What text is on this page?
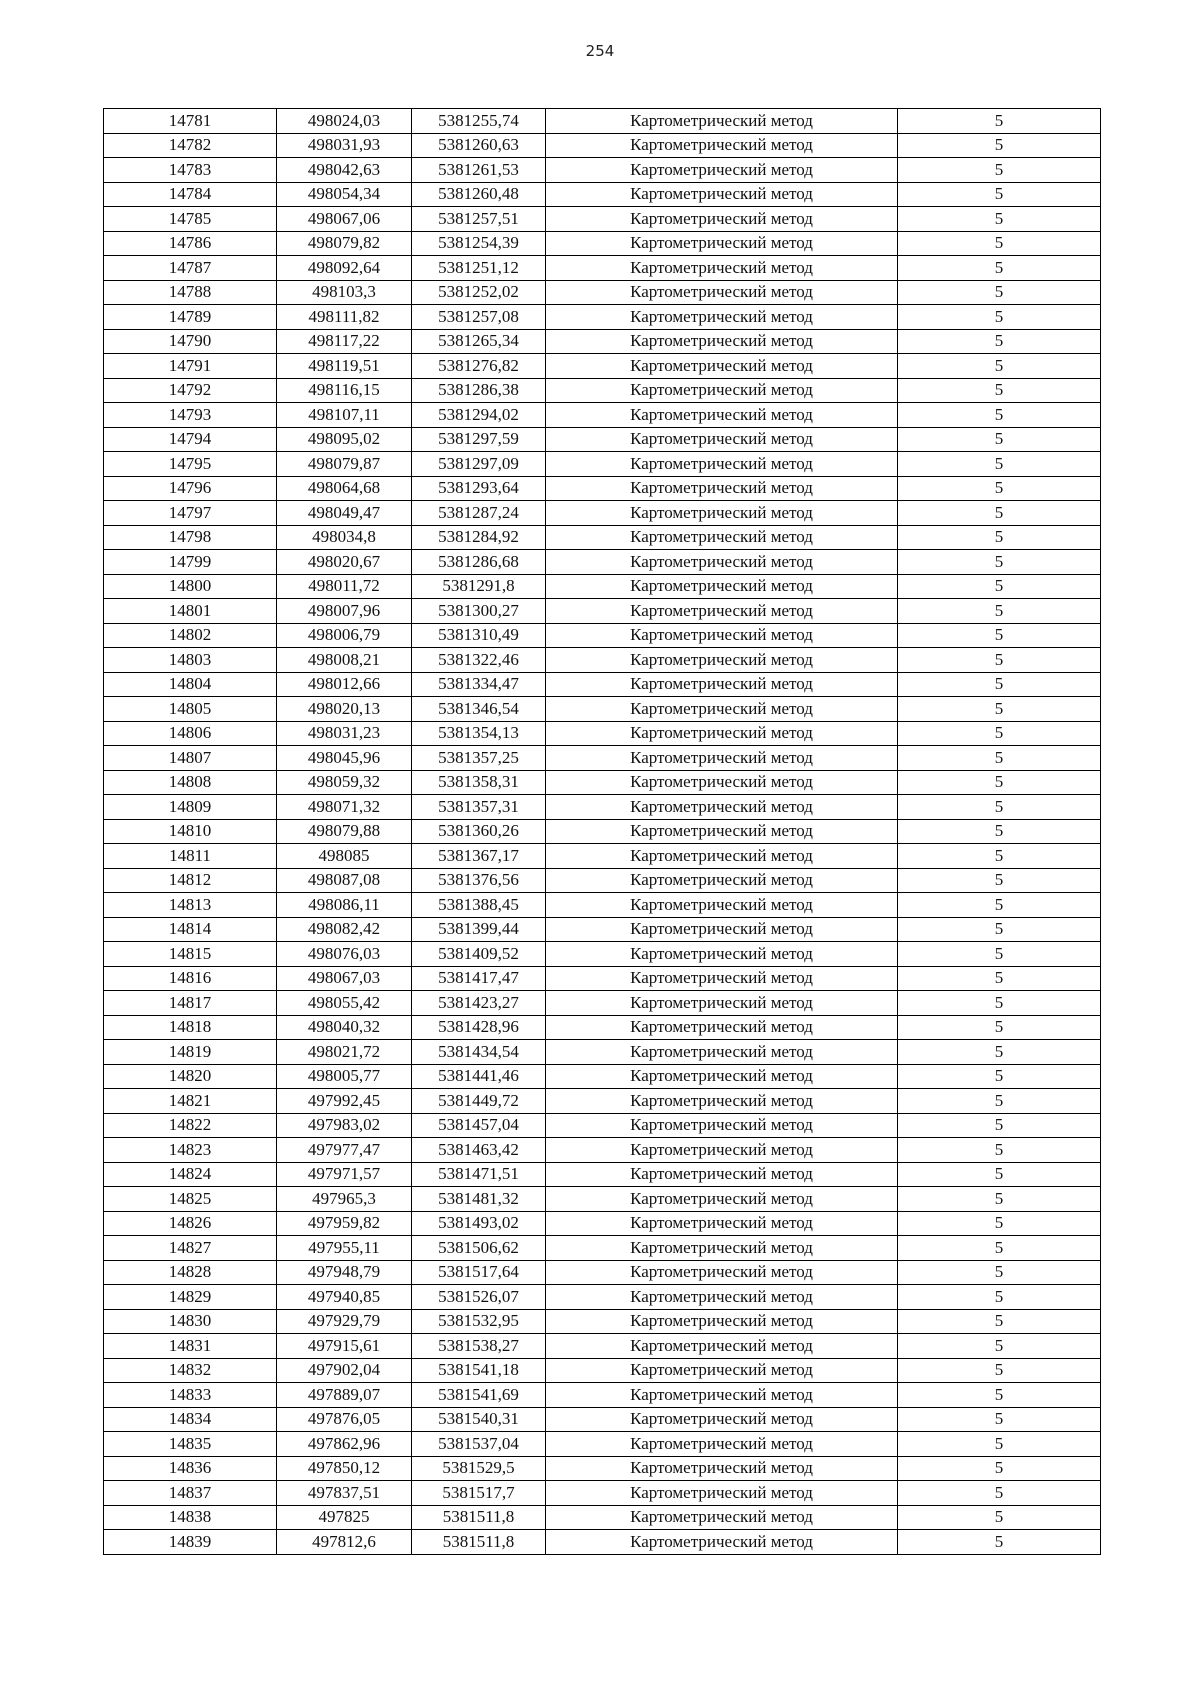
254
14781	498024,03	5381255,74	Картометрический метод	5
14782	498031,93	5381260,63	Картометрический метод	5
14783	498042,63	5381261,53	Картометрический метод	5
14784	498054,34	5381260,48	Картометрический метод	5
14785	498067,06	5381257,51	Картометрический метод	5
14786	498079,82	5381254,39	Картометрический метод	5
14787	498092,64	5381251,12	Картометрический метод	5
14788	498103,3	5381252,02	Картометрический метод	5
14789	498111,82	5381257,08	Картометрический метод	5
14790	498117,22	5381265,34	Картометрический метод	5
14791	498119,51	5381276,82	Картометрический метод	5
14792	498116,15	5381286,38	Картометрический метод	5
14793	498107,11	5381294,02	Картометрический метод	5
14794	498095,02	5381297,59	Картометрический метод	5
14795	498079,87	5381297,09	Картометрический метод	5
14796	498064,68	5381293,64	Картометрический метод	5
14797	498049,47	5381287,24	Картометрический метод	5
14798	498034,8	5381284,92	Картометрический метод	5
14799	498020,67	5381286,68	Картометрический метод	5
14800	498011,72	5381291,8	Картометрический метод	5
14801	498007,96	5381300,27	Картометрический метод	5
14802	498006,79	5381310,49	Картометрический метод	5
14803	498008,21	5381322,46	Картометрический метод	5
14804	498012,66	5381334,47	Картометрический метод	5
14805	498020,13	5381346,54	Картометрический метод	5
14806	498031,23	5381354,13	Картометрический метод	5
14807	498045,96	5381357,25	Картометрический метод	5
14808	498059,32	5381358,31	Картометрический метод	5
14809	498071,32	5381357,31	Картометрический метод	5
14810	498079,88	5381360,26	Картометрический метод	5
14811	498085	5381367,17	Картометрический метод	5
14812	498087,08	5381376,56	Картометрический метод	5
14813	498086,11	5381388,45	Картометрический метод	5
14814	498082,42	5381399,44	Картометрический метод	5
14815	498076,03	5381409,52	Картометрический метод	5
14816	498067,03	5381417,47	Картометрический метод	5
14817	498055,42	5381423,27	Картометрический метод	5
14818	498040,32	5381428,96	Картометрический метод	5
14819	498021,72	5381434,54	Картометрический метод	5
14820	498005,77	5381441,46	Картометрический метод	5
14821	497992,45	5381449,72	Картометрический метод	5
14822	497983,02	5381457,04	Картометрический метод	5
14823	497977,47	5381463,42	Картометрический метод	5
14824	497971,57	5381471,51	Картометрический метод	5
14825	497965,3	5381481,32	Картометрический метод	5
14826	497959,82	5381493,02	Картометрический метод	5
14827	497955,11	5381506,62	Картометрический метод	5
14828	497948,79	5381517,64	Картометрический метод	5
14829	497940,85	5381526,07	Картометрический метод	5
14830	497929,79	5381532,95	Картометрический метод	5
14831	497915,61	5381538,27	Картометрический метод	5
14832	497902,04	5381541,18	Картометрический метод	5
14833	497889,07	5381541,69	Картометрический метод	5
14834	497876,05	5381540,31	Картометрический метод	5
14835	497862,96	5381537,04	Картометрический метод	5
14836	497850,12	5381529,5	Картометрический метод	5
14837	497837,51	5381517,7	Картометрический метод	5
14838	497825	5381511,8	Картометрический метод	5
14839	497812,6	5381511,8	Картометрический метод	5
